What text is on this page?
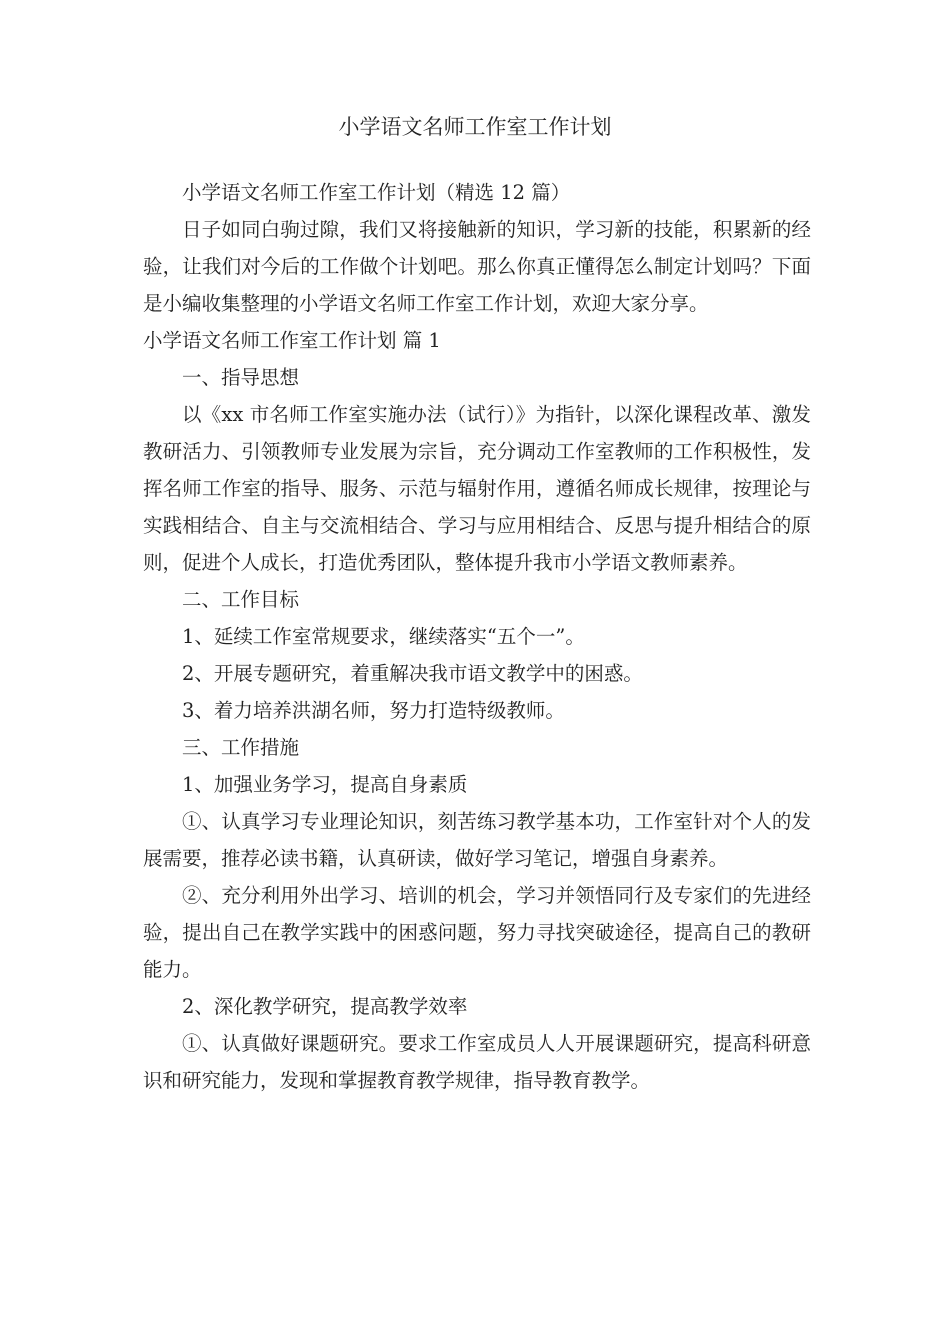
小学语文名师工作室工作计划

小学语文名师工作室工作计划（精选 12 篇）

日子如同白驹过隙，我们又将接触新的知识，学习新的技能，积累新的经验，让我们对今后的工作做个计划吧。那么你真正懂得怎么制定计划吗？下面是小编收集整理的小学语文名师工作室工作计划，欢迎大家分享。

小学语文名师工作室工作计划 篇 1

一、指导思想

以《xx 市名师工作室实施办法（试行）》为指针，以深化课程改革、激发教研活力、引领教师专业发展为宗旨，充分调动工作室教师的工作积极性，发挥名师工作室的指导、服务、示范与辐射作用，遵循名师成长规律，按理论与实践相结合、自主与交流相结合、学习与应用相结合、反思与提升相结合的原则，促进个人成长，打造优秀团队，整体提升我市小学语文教师素养。

二、工作目标

1、延续工作室常规要求，继续落实“五个一”。

2、开展专题研究，着重解决我市语文教学中的困惑。

3、着力培养洪湖名师，努力打造特级教师。

三、工作措施

1、加强业务学习，提高自身素质

①、认真学习专业理论知识，刻苦练习教学基本功，工作室针对个人的发展需要，推荐必读书籍，认真研读，做好学习笔记，增强自身素养。

②、充分利用外出学习、培训的机会，学习并领悟同行及专家们的先进经验，提出自己在教学实践中的困惑问题，努力寻找突破途径，提高自己的教研能力。

2、深化教学研究，提高教学效率

①、认真做好课题研究。要求工作室成员人人开展课题研究，提高科研意识和研究能力，发现和掌握教育教学规律，指导教育教学。
